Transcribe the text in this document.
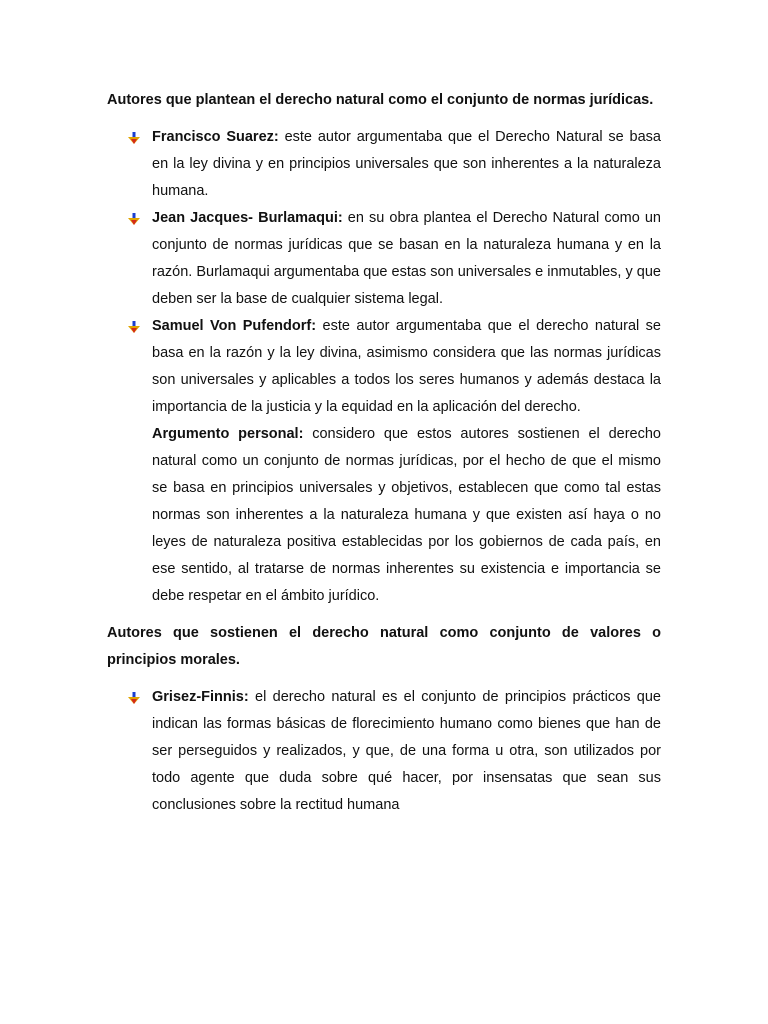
Autores que plantean el derecho natural como el conjunto de normas jurídicas.

Francisco Suarez: este autor argumentaba que el Derecho Natural se basa en la ley divina y en principios universales que son inherentes a la naturaleza humana.
Jean Jacques- Burlamaqui: en su obra plantea el Derecho Natural como un conjunto de normas jurídicas que se basan en la naturaleza humana y en la razón. Burlamaqui argumentaba que estas son universales e inmutables, y que deben ser la base de cualquier sistema legal.
Samuel Von Pufendorf: este autor argumentaba que el derecho natural se basa en la razón y la ley divina, asimismo considera que las normas jurídicas son universales y aplicables a todos los seres humanos y además destaca la importancia de la justicia y la equidad en la aplicación del derecho.

Argumento personal: considero que estos autores sostienen el derecho natural como un conjunto de normas jurídicas, por el hecho de que el mismo se basa en principios universales y objetivos, establecen que como tal estas normas son inherentes a la naturaleza humana y que existen así haya o no leyes de naturaleza positiva establecidas por los gobiernos de cada país, en ese sentido, al tratarse de normas inherentes su existencia e importancia se debe respetar en el ámbito jurídico.

Autores que sostienen el derecho natural como conjunto de valores o principios morales.

Grisez-Finnis: el derecho natural es el conjunto de principios prácticos que indican las formas básicas de florecimiento humano como bienes que han de ser perseguidos y realizados, y que, de una forma u otra, son utilizados por todo agente que duda sobre qué hacer, por insensatas que sean sus conclusiones sobre la rectitud humana
